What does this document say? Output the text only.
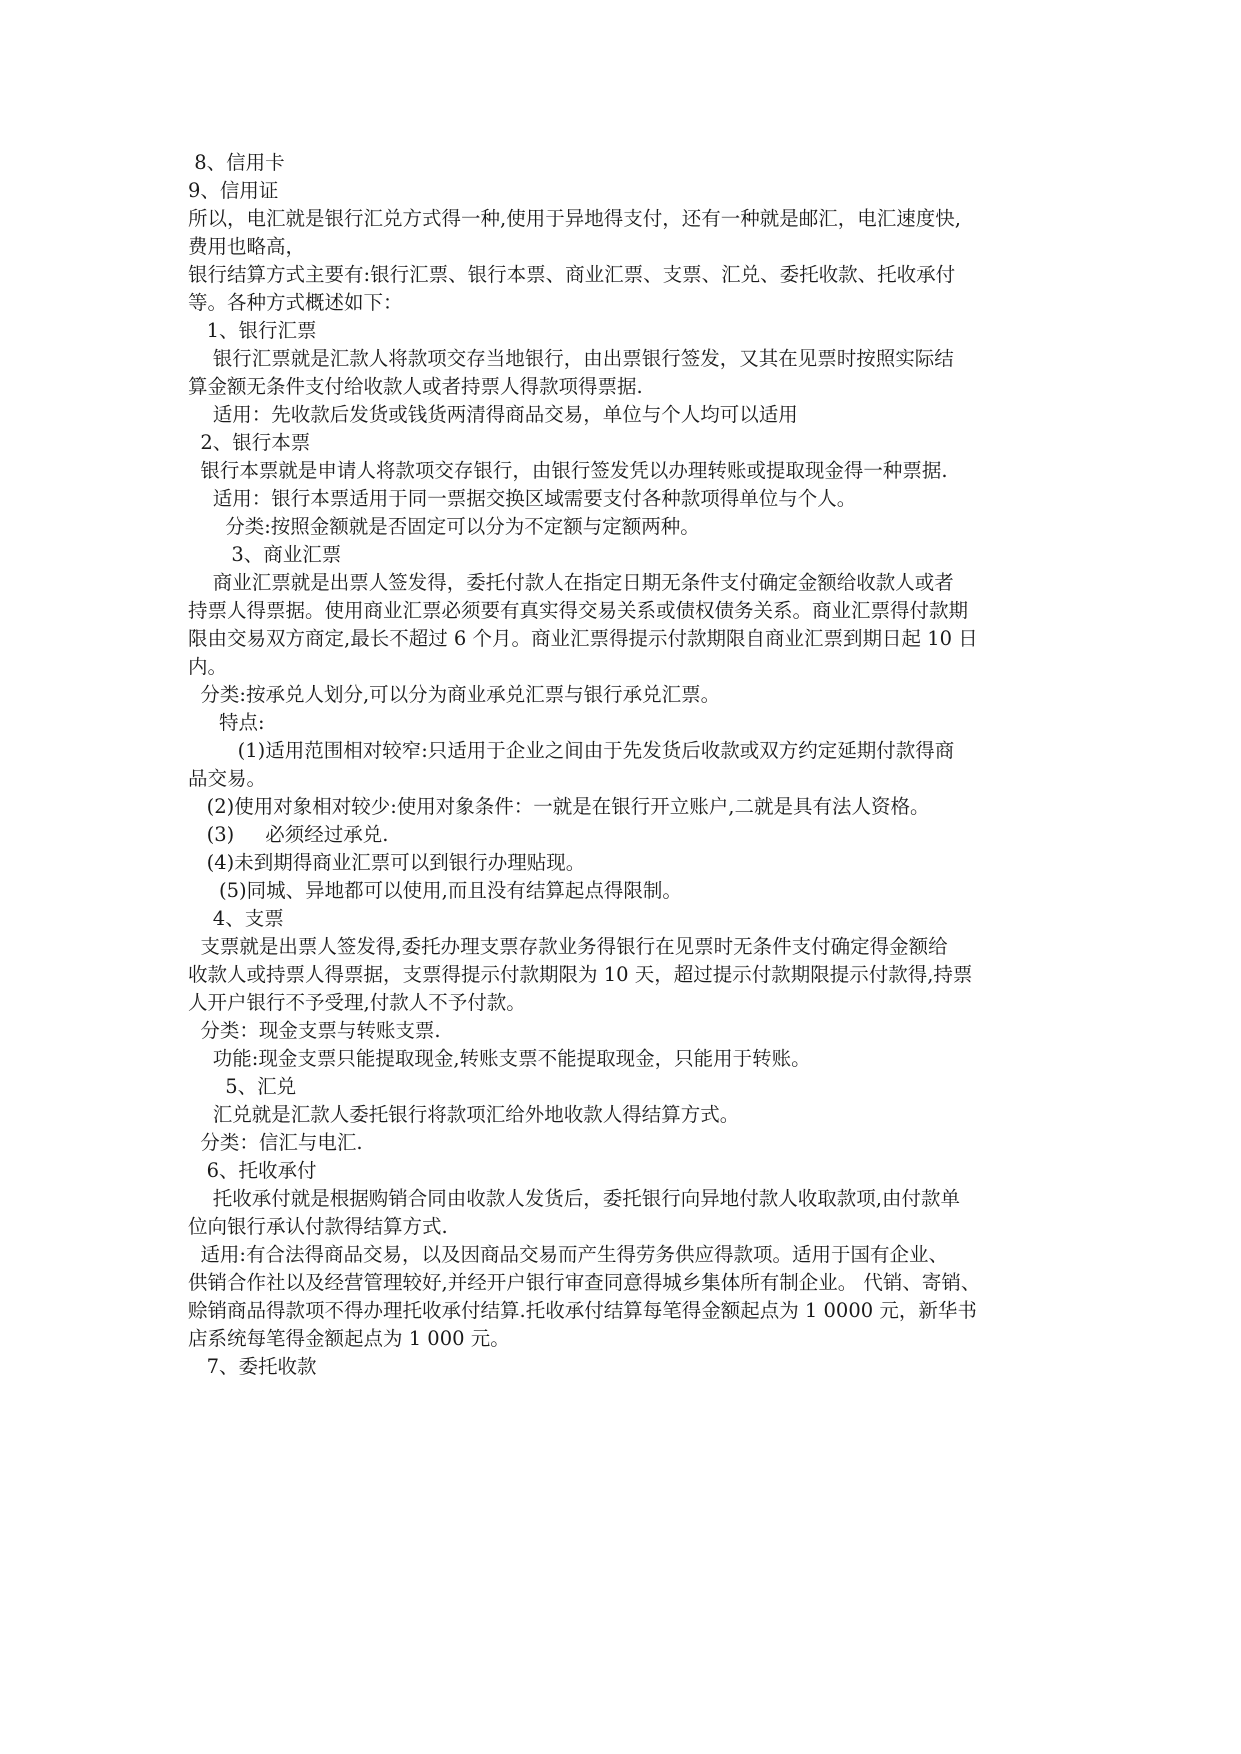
8、信用卡
9、信用证
所以，电汇就是银行汇兑方式得一种,使用于异地得支付，还有一种就是邮汇，电汇速度快,
费用也略高，
银行结算方式主要有:银行汇票、银行本票、商业汇票、支票、汇兑、委托收款、托收承付
等。各种方式概述如下：
1、银行汇票
银行汇票就是汇款人将款项交存当地银行，由出票银行签发，又其在见票时按照实际结
算金额无条件支付给收款人或者持票人得款项得票据.
适用：先收款后发货或钱货两清得商品交易，单位与个人均可以适用
2、银行本票
银行本票就是申请人将款项交存银行，由银行签发凭以办理转账或提取现金得一种票据.
适用：银行本票适用于同一票据交换区域需要支付各种款项得单位与个人。
分类:按照金额就是否固定可以分为不定额与定额两种。
3、商业汇票
商业汇票就是出票人签发得，委托付款人在指定日期无条件支付确定金额给收款人或者
持票人得票据。使用商业汇票必须要有真实得交易关系或债权债务关系。商业汇票得付款期
限由交易双方商定,最长不超过 6 个月。商业汇票得提示付款期限自商业汇票到期日起 10 日
内。
分类:按承兑人划分,可以分为商业承兑汇票与银行承兑汇票。
特点:
(1)适用范围相对较窄:只适用于企业之间由于先发货后收款或双方约定延期付款得商
品交易。
(2)使用对象相对较少:使用对象条件：一就是在银行开立账户,二就是具有法人资格。
(3)     必须经过承兑.
(4)未到期得商业汇票可以到银行办理贴现。
(5)同城、异地都可以使用,而且没有结算起点得限制。
4、支票
支票就是出票人签发得,委托办理支票存款业务得银行在见票时无条件支付确定得金额给
收款人或持票人得票据，支票得提示付款期限为 10 天，超过提示付款期限提示付款得,持票
人开户银行不予受理,付款人不予付款。
分类：现金支票与转账支票.
功能:现金支票只能提取现金,转账支票不能提取现金，只能用于转账。
5、汇兑
汇兑就是汇款人委托银行将款项汇给外地收款人得结算方式。
分类：信汇与电汇.
6、托收承付
托收承付就是根据购销合同由收款人发货后，委托银行向异地付款人收取款项,由付款单
位向银行承认付款得结算方式.
适用:有合法得商品交易，以及因商品交易而产生得劳务供应得款项。适用于国有企业、
供销合作社以及经营管理较好,并经开户银行审查同意得城乡集体所有制企业。 代销、寄销、
赊销商品得款项不得办理托收承付结算.托收承付结算每笔得金额起点为 1 0000 元，新华书
店系统每笔得金额起点为 1 000 元。
7、委托收款
